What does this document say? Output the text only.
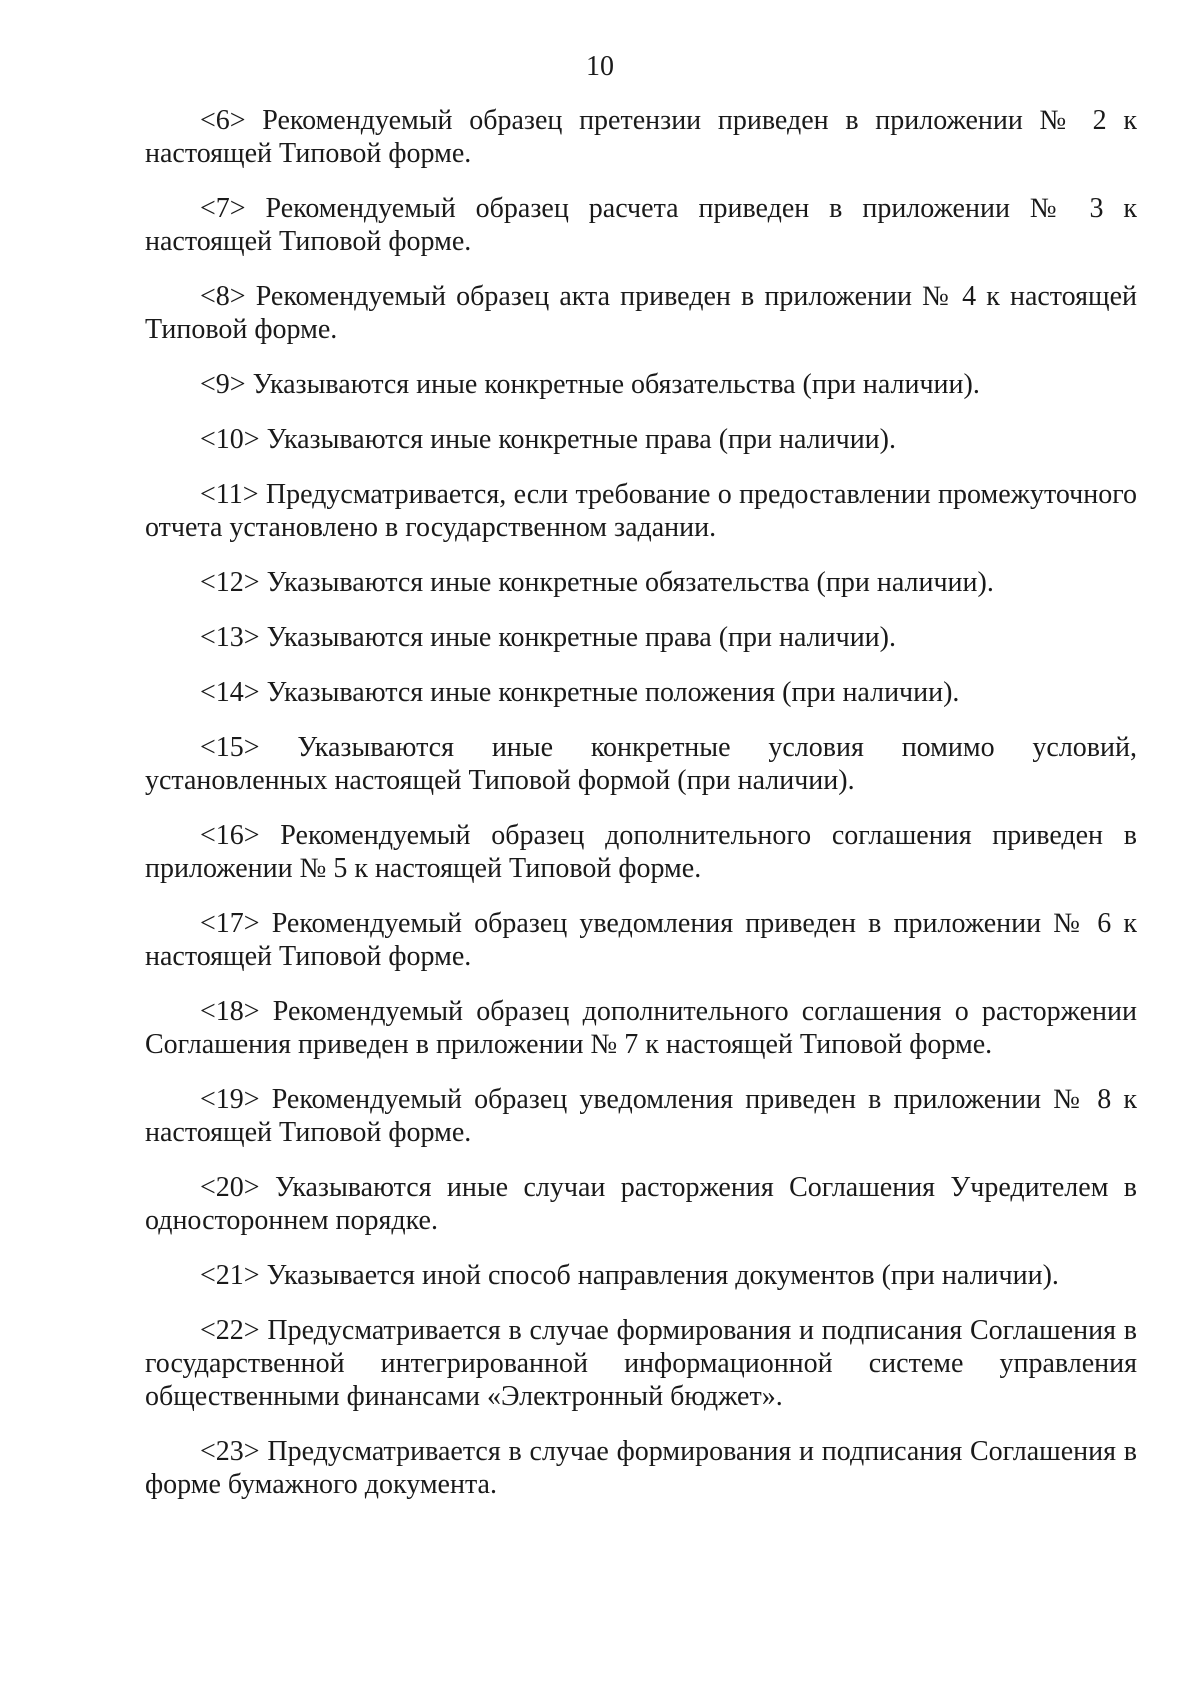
10

<6> Рекомендуемый образец претензии приведен в приложении № 2 к настоящей Типовой форме.

<7> Рекомендуемый образец расчета приведен в приложении № 3 к настоящей Типовой форме.

<8> Рекомендуемый образец акта приведен в приложении № 4 к настоящей Типовой форме.

<9> Указываются иные конкретные обязательства (при наличии).

<10> Указываются иные конкретные права (при наличии).

<11> Предусматривается, если требование о предоставлении промежуточного отчета установлено в государственном задании.

<12> Указываются иные конкретные обязательства (при наличии).

<13> Указываются иные конкретные права (при наличии).

<14> Указываются иные конкретные положения (при наличии).

<15> Указываются иные конкретные условия помимо условий, установленных настоящей Типовой формой (при наличии).

<16> Рекомендуемый образец дополнительного соглашения приведен в приложении № 5 к настоящей Типовой форме.

<17> Рекомендуемый образец уведомления приведен в приложении № 6 к настоящей Типовой форме.

<18> Рекомендуемый образец дополнительного соглашения о расторжении Соглашения приведен в приложении № 7 к настоящей Типовой форме.

<19> Рекомендуемый образец уведомления приведен в приложении № 8 к настоящей Типовой форме.

<20> Указываются иные случаи расторжения Соглашения Учредителем в одностороннем порядке.

<21> Указывается иной способ направления документов (при наличии).

<22> Предусматривается в случае формирования и подписания Соглашения в государственной интегрированной информационной системе управления общественными финансами «Электронный бюджет».

<23> Предусматривается в случае формирования и подписания Соглашения в форме бумажного документа.
